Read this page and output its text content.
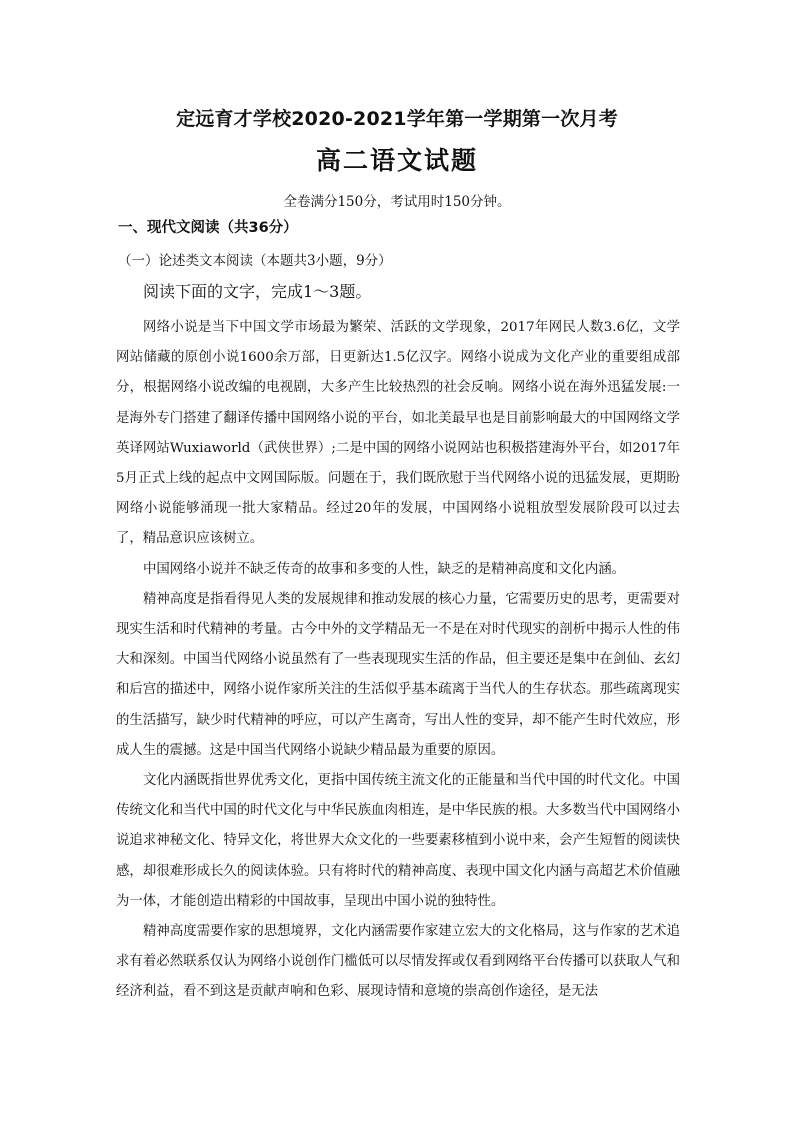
定远育才学校2020-2021学年第一学期第一次月考
高二语文试题
全卷满分150分，考试用时150分钟。
一、现代文阅读（共36分）
（一）论述类文本阅读（本题共3小题，9分）
阅读下面的文字，完成1～3题。

网络小说是当下中国文学市场最为繁荣、活跃的文学现象，2017年网民人数3.6亿，文学网站储藏的原创小说1600余万部，日更新达1.5亿汉字。网络小说成为文化产业的重要组成部分，根据网络小说改编的电视剧，大多产生比较热烈的社会反响。网络小说在海外迅猛发展:一是海外专门搭建了翻译传播中国网络小说的平台，如北美最早也是目前影响最大的中国网络文学英译网站Wuxiaworld（武侠世界）;二是中国的网络小说网站也积极搭建海外平台，如2017年5月正式上线的起点中文网国际版。问题在于，我们既欣慰于当代网络小说的迅猛发展，更期盼网络小说能够涌现一批大家精品。经过20年的发展，中国网络小说粗放型发展阶段可以过去了，精品意识应该树立。

中国网络小说并不缺乏传奇的故事和多变的人性，缺乏的是精神高度和文化内涵。

精神高度是指看得见人类的发展规律和推动发展的核心力量，它需要历史的思考，更需要对现实生活和时代精神的考量。古今中外的文学精品无一不是在对时代现实的剖析中揭示人性的伟大和深刻。中国当代网络小说虽然有了一些表现现实生活的作品，但主要还是集中在剑仙、玄幻和后宫的描述中，网络小说作家所关注的生活似乎基本疏离于当代人的生存状态。那些疏离现实的生活描写，缺少时代精神的呼应，可以产生离奇，写出人性的变异，却不能产生时代效应，形成人生的震撼。这是中国当代网络小说缺少精品最为重要的原因。

文化内涵既指世界优秀文化，更指中国传统主流文化的正能量和当代中国的时代文化。中国传统文化和当代中国的时代文化与中华民族血肉相连，是中华民族的根。大多数当代中国网络小说追求神秘文化、特异文化，将世界大众文化的一些要素移植到小说中来，会产生短暂的阅读快感，却很难形成长久的阅读体验。只有将时代的精神高度、表现中国文化内涵与高超艺术价值融为一体，才能创造出精彩的中国故事，呈现出中国小说的独特性。

精神高度需要作家的思想境界，文化内涵需要作家建立宏大的文化格局，这与作家的艺术追求有着必然联系仅认为网络小说创作门槛低可以尽情发挥或仅看到网络平台传播可以获取人气和经济利益，看不到这是贡献声响和色彩、展现诗情和意境的崇高创作途径，是无法
